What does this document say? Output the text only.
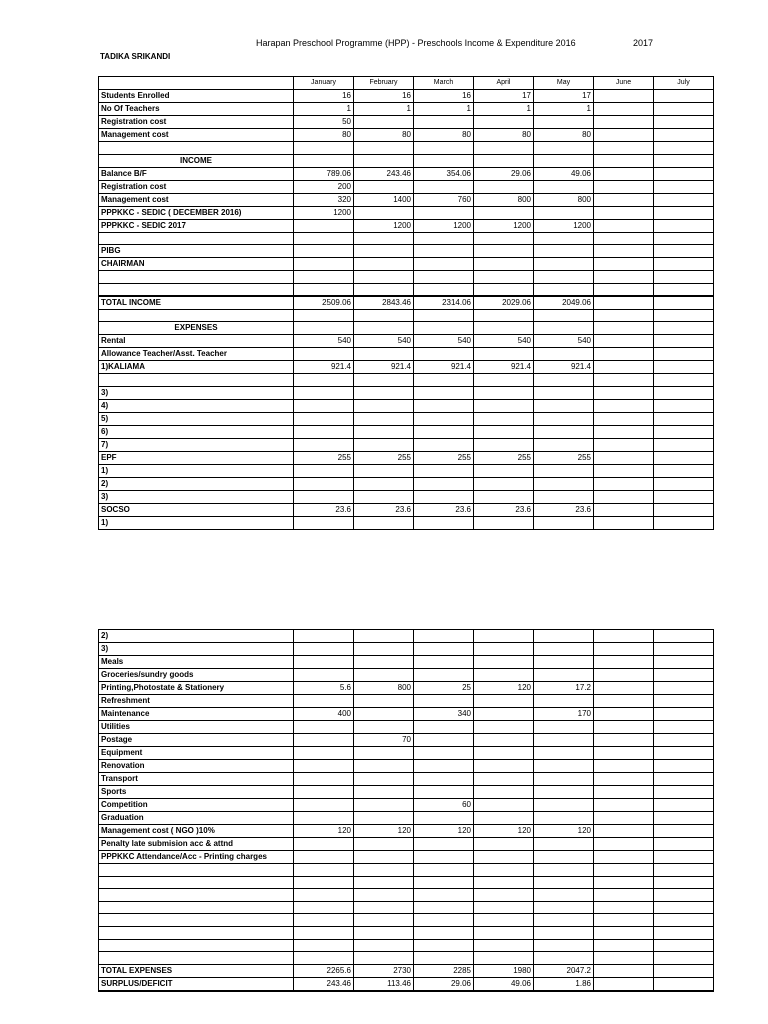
Harapan Preschool Programme (HPP) - Preschools Income & Expenditure 2016	2017
TADIKA SRIKANDI
	January	February	March	April	May	June	July
Students Enrolled	16	16	16	17	17		
No Of Teachers	1	1	1	1	1		
Registration cost	50						
Management cost	80	80	80	80	80		

INCOME							
Balance B/F	789.06	243.46	354.06	29.06	49.06		
Registration cost	200						
Management cost	320	1400	760	800	800		
PPPKKC - SEDIC ( DECEMBER 2016)	1200						
PPPKKC - SEDIC 2017		1200	1200	1200	1200		

PIBG							
CHAIRMAN							

TOTAL INCOME	2509.06	2843.46	2314.06	2029.06	2049.06		

EXPENSES							
Rental	540	540	540	540	540		
Allowance Teacher/Asst. Teacher							
1)KALIAMA	921.4	921.4	921.4	921.4	921.4		

3)							
4)							
5)							
6)							
7)							
EPF	255	255	255	255	255		
1)							
2)							
3)							
SOCSO	23.6	23.6	23.6	23.6	23.6		
1)							
2)							
3)							
Meals							
Groceries/sundry goods							
Printing,Photostate & Stationery	5.6	800	25	120	17.2		
Refreshment							
Maintenance	400		340		170		
Utilities							
Postage		70					
Equipment							
Renovation							
Transport							
Sports							
Competition			60				
Graduation							
Management cost ( NGO )10%	120	120	120	120	120		
Penalty late submision acc & attnd							
PPPKKC Attendance/Acc - Printing charges							

TOTAL EXPENSES	2265.6	2730	2285	1980	2047.2		
SURPLUS/DEFICIT	243.46	113.46	29.06	49.06	1.86		
